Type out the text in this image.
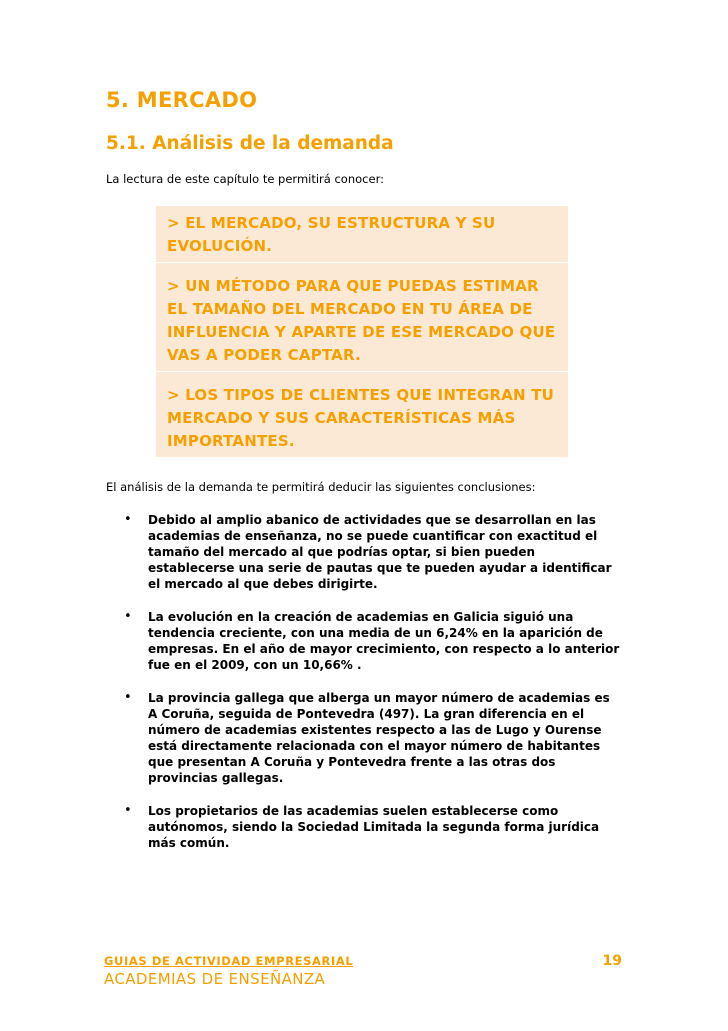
5. MERCADO
5.1. Análisis de la demanda

La lectura de este capítulo te permitirá conocer:

> EL MERCADO, SU ESTRUCTURA Y SU EVOLUCIÓN.
> UN MÉTODO PARA QUE PUEDAS ESTIMAR EL TAMAÑO DEL MERCADO EN TU ÁREA DE INFLUENCIA Y APARTE DE ESE MERCADO QUE VAS A PODER CAPTAR.
> LOS TIPOS DE CLIENTES QUE INTEGRAN TU MERCADO Y SUS CARACTERÍSTICAS MÁS IMPORTANTES.

El análisis de la demanda te permitirá deducir las siguientes conclusiones:

• Debido al amplio abanico de actividades que se desarrollan en las academias de enseñanza, no se puede cuantificar con exactitud el tamaño del mercado al que podrías optar, si bien pueden establecerse una serie de pautas que te pueden ayudar a identificar el mercado al que debes dirigirte.
• La evolución en la creación de academias en Galicia siguió una tendencia creciente, con una media de un 6,24% en la aparición de empresas. En el año de mayor crecimiento, con respecto a lo anterior fue en el 2009, con un 10,66% .
• La provincia gallega que alberga un mayor número de academias es A Coruña, seguida de Pontevedra (497). La gran diferencia en el número de academias existentes respecto a las de Lugo y Ourense está directamente relacionada con el mayor número de habitantes que presentan A Coruña y Pontevedra frente a las otras dos provincias gallegas.
• Los propietarios de las academias suelen establecerse como autónomos, siendo la Sociedad Limitada la segunda forma jurídica más común.
GUIAS DE ACTIVIDAD EMPRESARIAL	19
ACADEMIAS DE ENSEÑANZA
